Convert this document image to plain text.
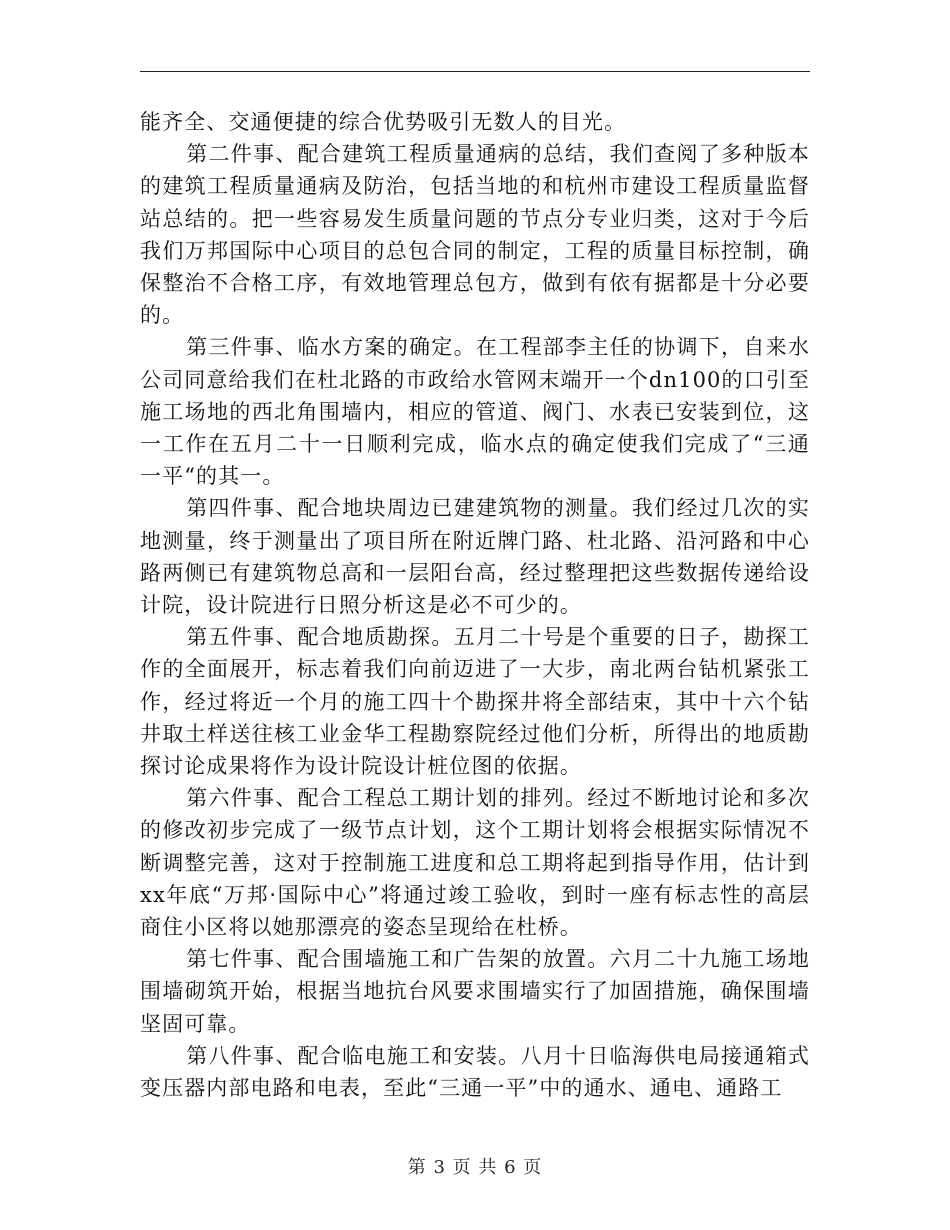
能齐全、交通便捷的综合优势吸引无数人的目光。

第二件事、配合建筑工程质量通病的总结，我们查阅了多种版本的建筑工程质量通病及防治，包括当地的和杭州市建设工程质量监督站总结的。把一些容易发生质量问题的节点分专业归类，这对于今后我们万邦国际中心项目的总包合同的制定，工程的质量目标控制，确保整治不合格工序，有效地管理总包方，做到有依有据都是十分必要的。

第三件事、临水方案的确定。在工程部李主任的协调下，自来水公司同意给我们在杜北路的市政给水管网末端开一个dn100的口引至施工场地的西北角围墙内，相应的管道、阀门、水表已安装到位，这一工作在五月二十一日顺利完成，临水点的确定使我们完成了“三通一平“的其一。

第四件事、配合地块周边已建建筑物的测量。我们经过几次的实地测量，终于测量出了项目所在附近牌门路、杜北路、沿河路和中心路两侧已有建筑物总高和一层阳台高，经过整理把这些数据传递给设计院，设计院进行日照分析这是必不可少的。

第五件事、配合地质勘探。五月二十号是个重要的日子，勘探工作的全面展开，标志着我们向前迈进了一大步，南北两台钻机紧张工作，经过将近一个月的施工四十个勘探井将全部结束，其中十六个钻井取土样送往核工业金华工程勘察院经过他们分析，所得出的地质勘探讨论成果将作为设计院设计桩位图的依据。

第六件事、配合工程总工期计划的排列。经过不断地讨论和多次的修改初步完成了一级节点计划，这个工期计划将会根据实际情况不断调整完善，这对于控制施工进度和总工期将起到指导作用，估计到xx年底“万邦·国际中心”将通过竣工验收，到时一座有标志性的高层商住小区将以她那漂亮的姿态呈现给在杜桥。

第七件事、配合围墙施工和广告架的放置。六月二十九施工场地围墙砌筑开始，根据当地抗台风要求围墙实行了加固措施，确保围墙坚固可靠。

第八件事、配合临电施工和安装。八月十日临海供电局接通箱式变压器内部电路和电表，至此“三通一平”中的通水、通电、通路工

第 3 页 共 6 页
